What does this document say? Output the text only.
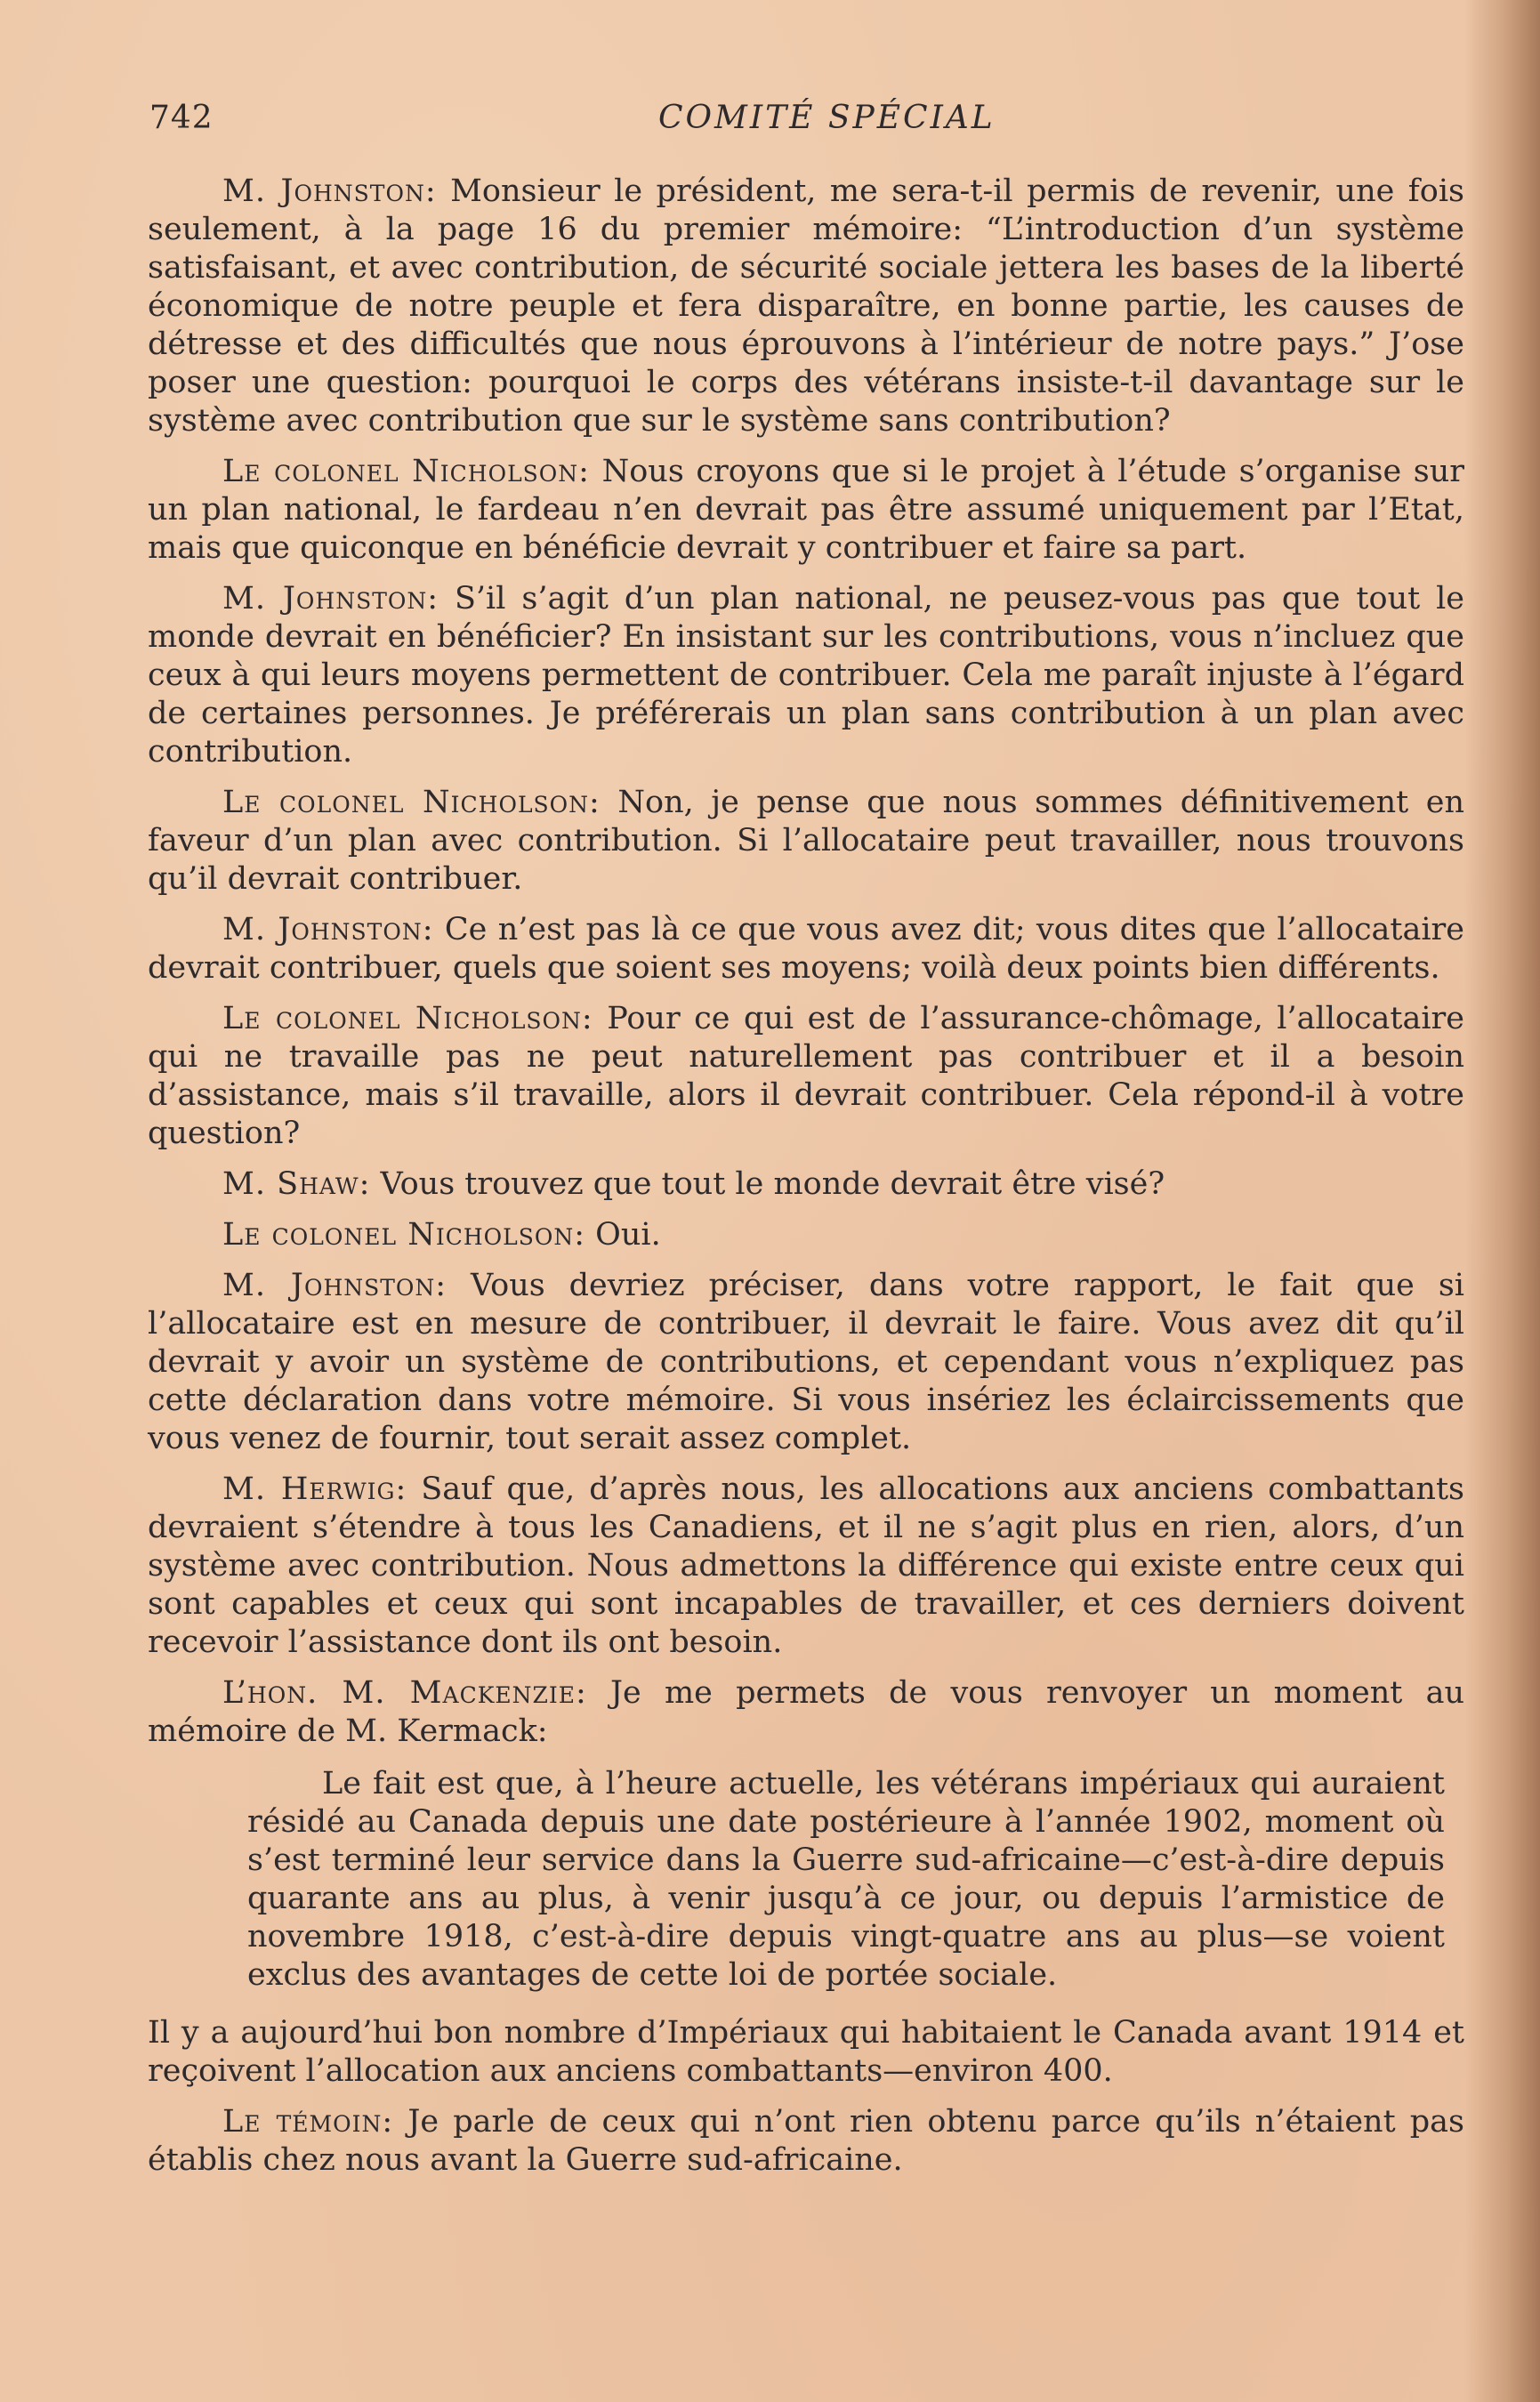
742	COMITÉ SPÉCIAL

M. Johnston: Monsieur le président, me sera-t-il permis de revenir, une fois seulement, à la page 16 du premier mémoire: “L’introduction d’un système satisfaisant, et avec contribution, de sécurité sociale jettera les bases de la liberté économique de notre peuple et fera disparaître, en bonne partie, les causes de détresse et des difficultés que nous éprouvons à l’intérieur de notre pays.” J’ose poser une question: pourquoi le corps des vétérans insiste-t-il davantage sur le système avec contribution que sur le système sans contribution?

Le colonel Nicholson: Nous croyons que si le projet à l’étude s’organise sur un plan national, le fardeau n’en devrait pas être assumé uniquement par l’Etat, mais que quiconque en bénéficie devrait y contribuer et faire sa part.

M. Johnston: S’il s’agit d’un plan national, ne peusez-vous pas que tout le monde devrait en bénéficier? En insistant sur les contributions, vous n’incluez que ceux à qui leurs moyens permettent de contribuer. Cela me paraît injuste à l’égard de certaines personnes. Je préférerais un plan sans contribution à un plan avec contribution.

Le colonel Nicholson: Non, je pense que nous sommes définitivement en faveur d’un plan avec contribution. Si l’allocataire peut travailler, nous trouvons qu’il devrait contribuer.

M. Johnston: Ce n’est pas là ce que vous avez dit; vous dites que l’allocataire devrait contribuer, quels que soient ses moyens; voilà deux points bien différents.

Le colonel Nicholson: Pour ce qui est de l’assurance-chômage, l’allocataire qui ne travaille pas ne peut naturellement pas contribuer et il a besoin d’assistance, mais s’il travaille, alors il devrait contribuer. Cela répond-il à votre question?

M. Shaw: Vous trouvez que tout le monde devrait être visé?

Le colonel Nicholson: Oui.

M. Johnston: Vous devriez préciser, dans votre rapport, le fait que si l’allocataire est en mesure de contribuer, il devrait le faire. Vous avez dit qu’il devrait y avoir un système de contributions, et cependant vous n’expliquez pas cette déclaration dans votre mémoire. Si vous insériez les éclaircissements que vous venez de fournir, tout serait assez complet.

M. Herwig: Sauf que, d’après nous, les allocations aux anciens combattants devraient s’étendre à tous les Canadiens, et il ne s’agit plus en rien, alors, d’un système avec contribution. Nous admettons la différence qui existe entre ceux qui sont capables et ceux qui sont incapables de travailler, et ces derniers doivent recevoir l’assistance dont ils ont besoin.

L’hon. M. Mackenzie: Je me permets de vous renvoyer un moment au mémoire de M. Kermack:

Le fait est que, à l’heure actuelle, les vétérans impériaux qui auraient résidé au Canada depuis une date postérieure à l’année 1902, moment où s’est terminé leur service dans la Guerre sud-africaine—c’est-à-dire depuis quarante ans au plus, à venir jusqu’à ce jour, ou depuis l’armistice de novembre 1918, c’est-à-dire depuis vingt-quatre ans au plus—se voient exclus des avantages de cette loi de portée sociale.

Il y a aujourd’hui bon nombre d’Impériaux qui habitaient le Canada avant 1914 et reçoivent l’allocation aux anciens combattants—environ 400.

Le témoin: Je parle de ceux qui n’ont rien obtenu parce qu’ils n’étaient pas établis chez nous avant la Guerre sud-africaine.
